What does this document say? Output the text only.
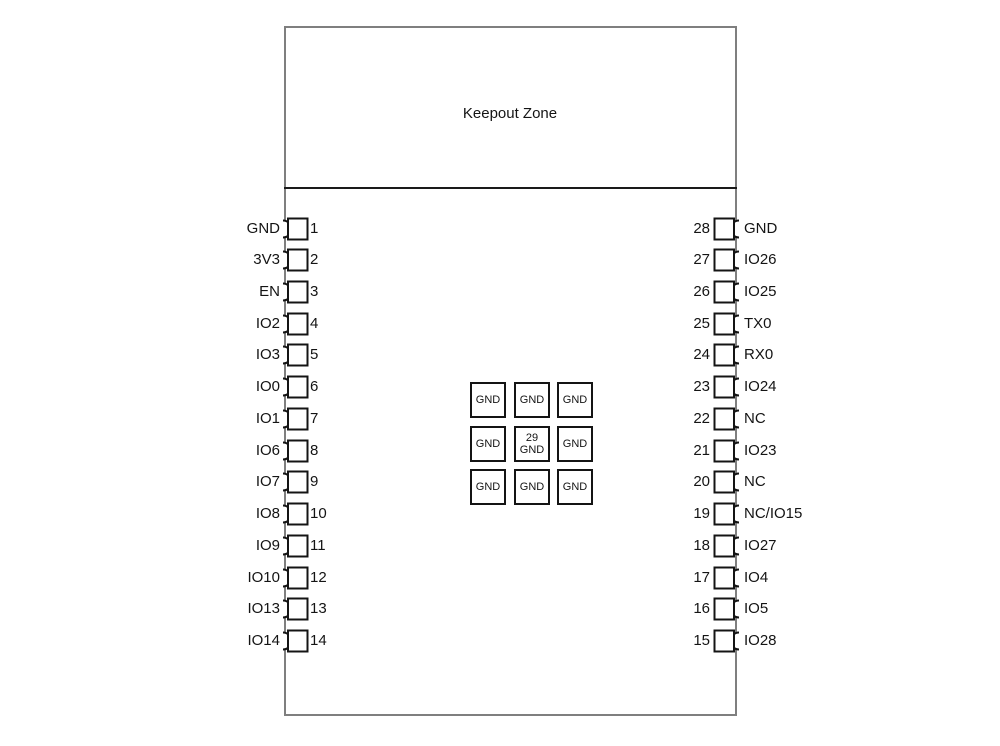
Keepout Zone
GND 1
3V3 2
EN 3
IO2 4
IO3 5
IO0 6
IO1 7
IO6 8
IO7 9
IO8 10
IO9 11
IO10 12
IO13 13
IO14 14
28 GND
27 IO26
26 IO25
25 TX0
24 RX0
23 IO24
22 NC
21 IO23
20 NC
19 NC/IO15
18 IO27
17 IO4
16 IO5
15 IO28
GND GND GND
GND 29
GND GND
GND GND GND
